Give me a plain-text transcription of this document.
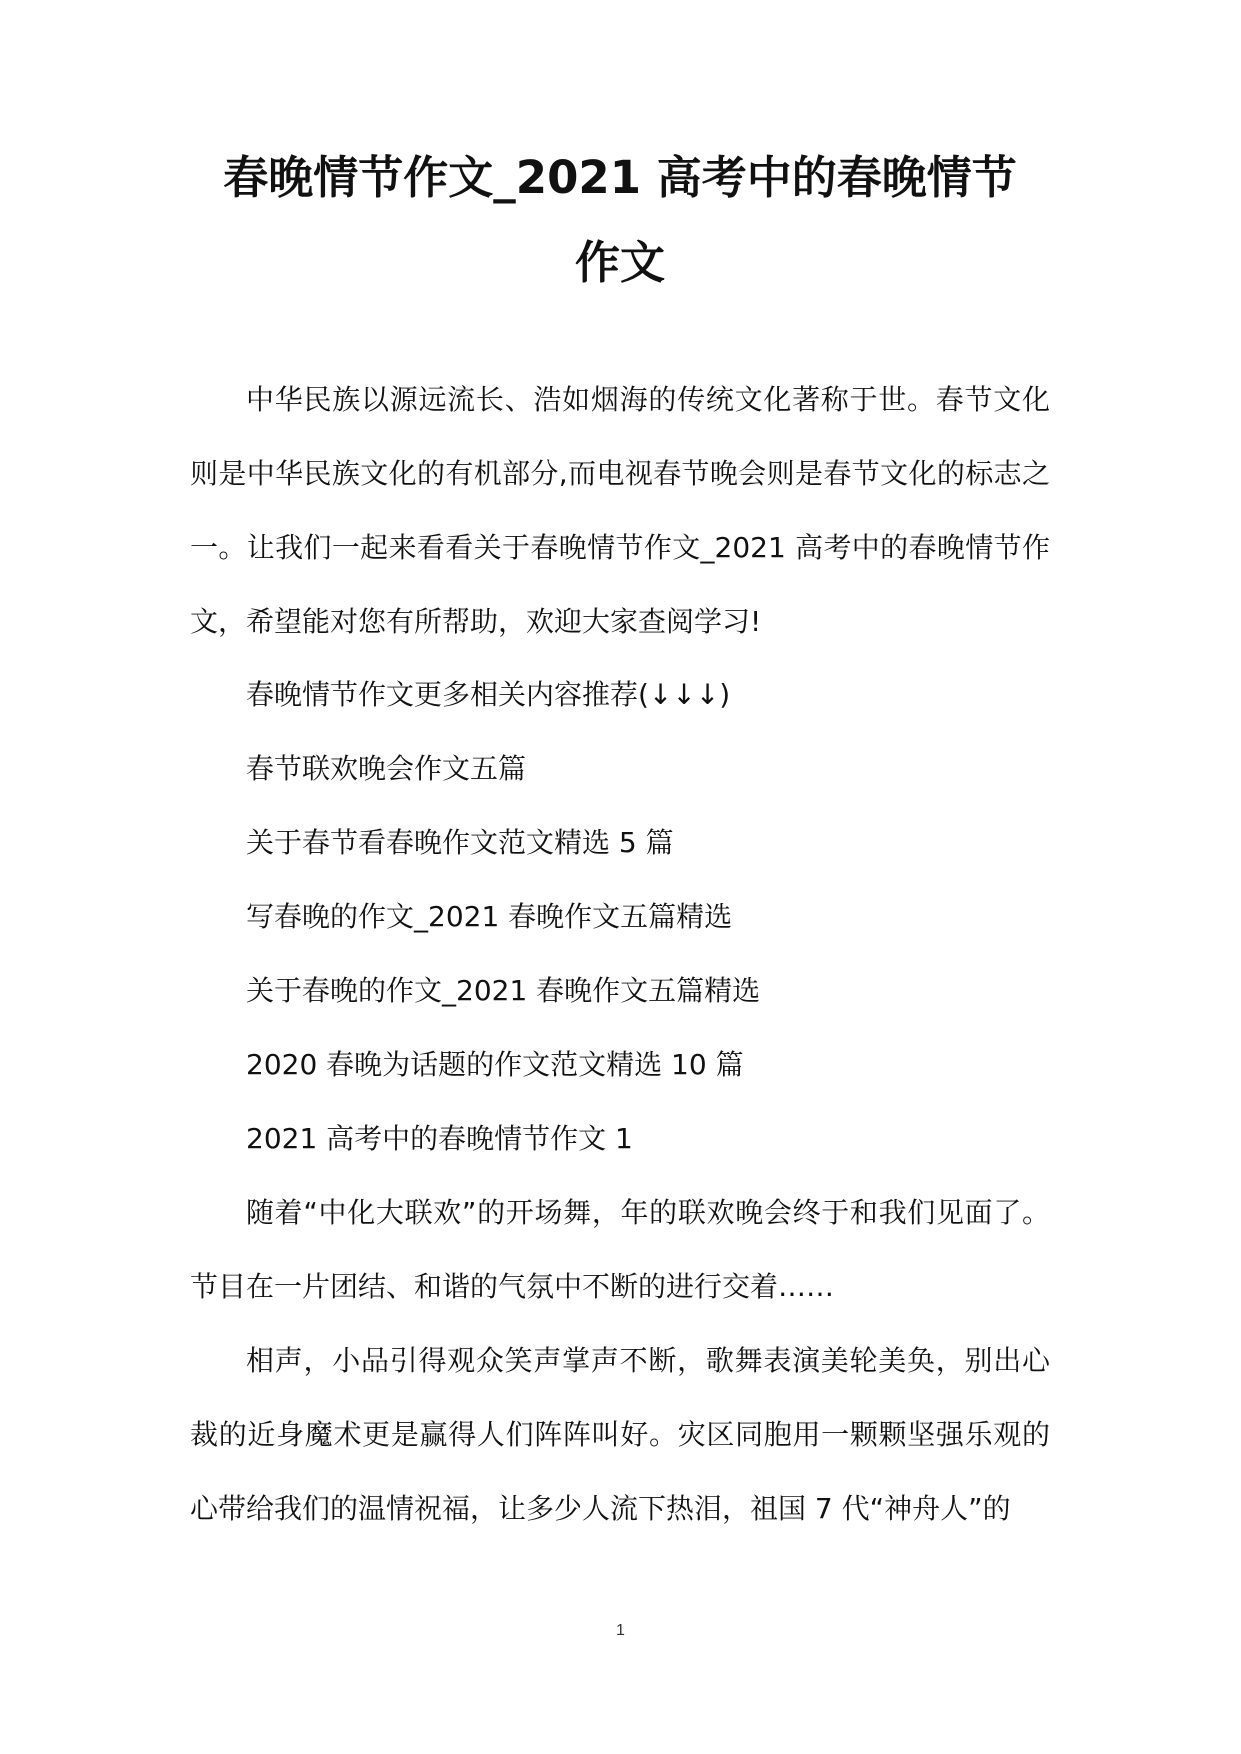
春晚情节作文_2021 高考中的春晚情节
作文

中华民族以源远流长、浩如烟海的传统文化著称于世。春节文化则是中华民族文化的有机部分,而电视春节晚会则是春节文化的标志之一。让我们一起来看看关于春晚情节作文_2021 高考中的春晚情节作文，希望能对您有所帮助，欢迎大家查阅学习!

春晚情节作文更多相关内容推荐(↓↓↓)

春节联欢晚会作文五篇

关于春节看春晚作文范文精选 5 篇

写春晚的作文_2021 春晚作文五篇精选

关于春晚的作文_2021 春晚作文五篇精选

2020 春晚为话题的作文范文精选 10 篇

2021 高考中的春晚情节作文 1

随着“中化大联欢”的开场舞，年的联欢晚会终于和我们见面了。节目在一片团结、和谐的气氛中不断的进行交着……

相声，小品引得观众笑声掌声不断，歌舞表演美轮美奂，别出心裁的近身魔术更是赢得人们阵阵叫好。灾区同胞用一颗颗坚强乐观的心带给我们的温情祝福，让多少人流下热泪，祖国 7 代“神舟人”的

1
